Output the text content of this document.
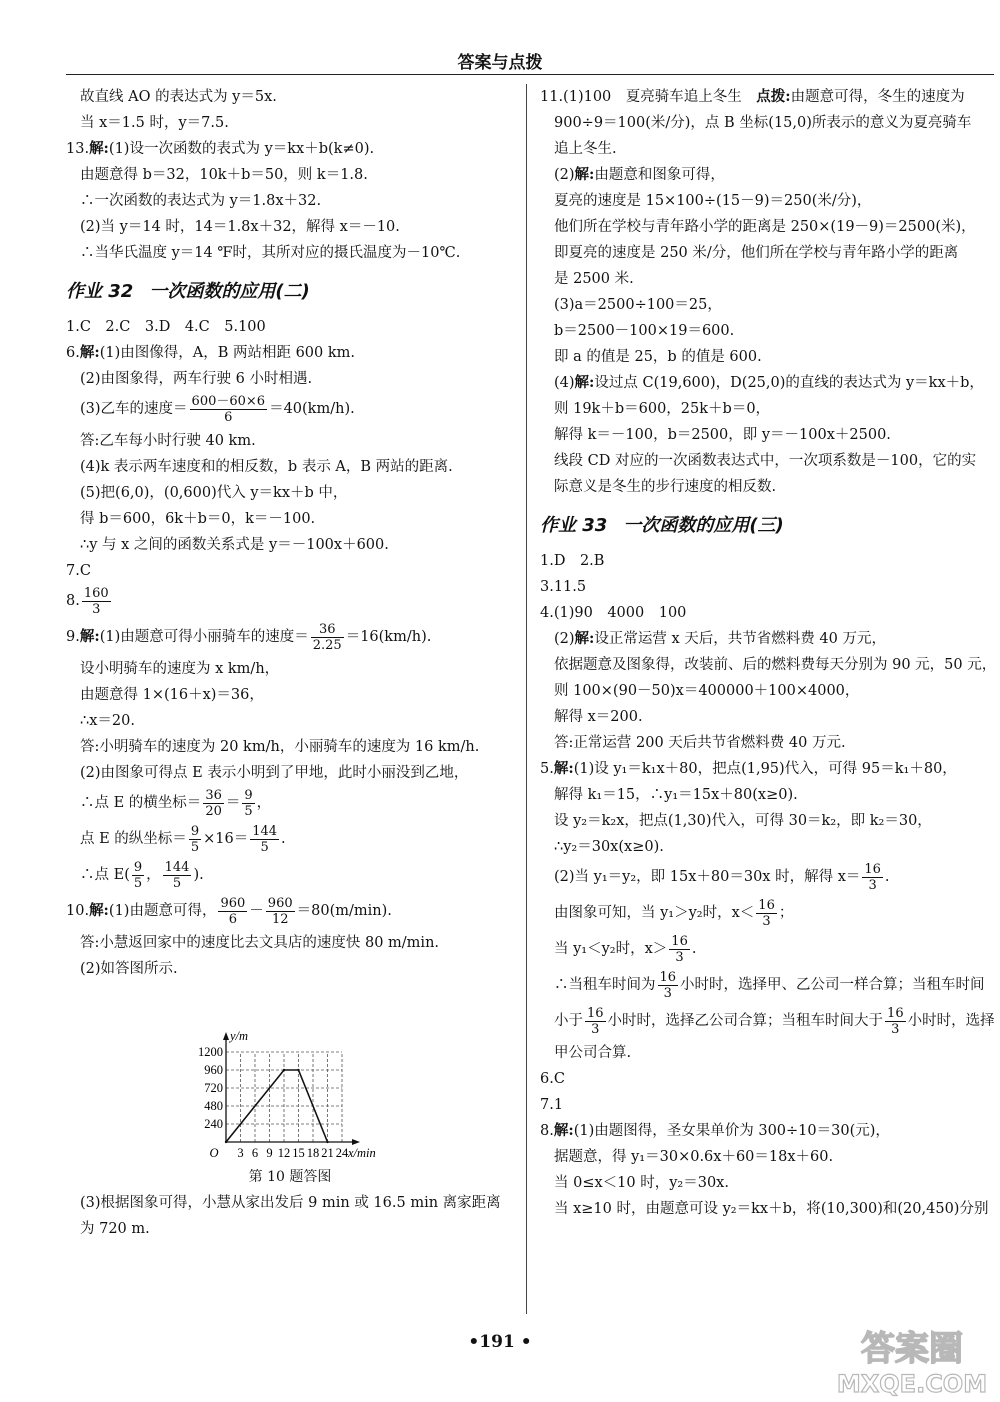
答案与点拨
故直线 AO 的表达式为 y＝5x.
当 x＝1.5 时，y＝7.5.
13.解:(1)设一次函数的表式为 y＝kx＋b(k≠0).
由题意得 b＝32，10k＋b＝50，则 k＝1.8.
∴一次函数的表达式为 y＝1.8x＋32.
(2)当 y＝14 时，14＝1.8x＋32，解得 x＝－10.
∴当华氏温度 y＝14 ℉时，其所对应的摄氏温度为－10℃.
作业 32 一次函数的应用(二)
1.C　2.C　3.D　4.C　5.100
6.解:(1)由图像得，A，B 两站相距 600 km.
(2)由图象得，两车行驶 6 小时相遇.
(3)乙车的速度＝ $\frac{600-60\times 6}{6} =40(km/h)$.
答:乙车每小时行驶 40 km.
(4)k 表示两车速度和的相反数，b 表示 A，B 两站的距离.
(5)把(6,0)，(0,600)代入 y＝kx＋b 中，
得 b＝600，6k＋b＝0，k＝－100.
∴y 与 x 之间的函数关系式是 y＝－100x＋600.
7.C
8. $\frac{160}{3}$
9.解:(1)由题意可得小丽骑车的速度＝ $\frac{36}{2.25} =16(km/h)$.
设小明骑车的速度为 x km/h，
由题意得 1×(16＋x)＝36，
∴x＝20.
答:小明骑车的速度为 20 km/h，小丽骑车的速度为 16 km/h.
(2)由图象可得点 E 表示小明到了甲地，此时小丽没到乙地，
∴点 E 的横坐标＝ $\frac{36}{20} = \frac{9}{5}$ ，
点 E 的纵坐标＝ $\frac{9}{5} \times 16= \frac{144}{5}$ .
∴点 $E( \frac{9}{5}$ ， $\frac{144}{5}$ ).
10.解:(1)由题意可得， $\frac{960}{6} - \frac{960}{12} =80(m/\min)$.
答:小慧返回家中的速度比去文具店的速度快 80 m/min.
(2)如答图所示.
3 6 9 12 15 18 21 24
240
480
720
960
1200
O	x/min
y/m
第 10 题答图
(3)根据图象可得，小慧从家出发后 9 min 或 16.5 min 离家距离
为 720 m.
11.(1)100　夏亮骑车追上冬生　点拨:由题意可得，冬生的速度为
900÷9＝100(米/分)，点 B 坐标(15,0)所表示的意义为夏亮骑车
追上冬生.
(2)解:由题意和图象可得，
夏亮的速度是 15×100÷(15－9)＝250(米/分)，
他们所在学校与青年路小学的距离是 250×(19－9)＝2500(米)，
即夏亮的速度是 250 米/分，他们所在学校与青年路小学的距离
是 2500 米.
(3)a＝2500÷100＝25，
b＝2500－100×19＝600.
即 a 的值是 25，b 的值是 600.
(4)解:设过点 C(19,600)，D(25,0)的直线的表达式为 y＝kx＋b，
则 19k＋b＝600，25k＋b＝0，
解得 k＝－100，b＝2500，即 y＝－100x＋2500.
线段 CD 对应的一次函数表达式中，一次项系数是－100，它的实
际意义是冬生的步行速度的相反数.
作业 33 一次函数的应用(三)
1.D　2.B
3.11.5
4.(1)90　4000　100
(2)解:设正常运营 x 天后，共节省燃料费 40 万元，
依据题意及图象得，改装前、后的燃料费每天分别为 90 元，50 元，
则 100×(90－50)x＝400000＋100×4000，
解得 x＝200.
答:正常运营 200 天后共节省燃料费 40 万元.
5.解:(1)设 y₁＝k₁x＋80，把点(1,95)代入，可得 95＝k₁＋80，
解得 k₁＝15，∴y₁＝15x＋80(x≥0).
设 y₂＝k₂x，把点(1,30)代入，可得 30＝k₂，即 k₂＝30，
∴y₂＝30x(x≥0).
(2)当 y₁＝y₂，即 15x＋80＝30x 时，解得 $x= \frac{16}{3}$ .
由图象可知，当 y₁＞y₂时，$x< \frac{16}{3}$ ；
当 y₁＜y₂时，$x> \frac{16}{3}$ .
∴当租车时间为 $\frac{16}{3}$ 小时时，选择甲、乙公司一样合算；当租车时间
小于 $\frac{16}{3}$ 小时时，选择乙公司合算；当租车时间大于 $\frac{16}{3}$ 小时时，选择
甲公司合算.
6.C
7.1
8.解:(1)由题图得，圣女果单价为 300÷10＝30(元)，
据题意，得 y₁＝30×0.6x＋60＝18x＋60.
当 0≤x＜10 时，y₂＝30x.
当 x≥10 时，由题意可设 y₂＝kx＋b，将(10,300)和(20,450)分别
•191 •	答案圈
MXQE.COM
